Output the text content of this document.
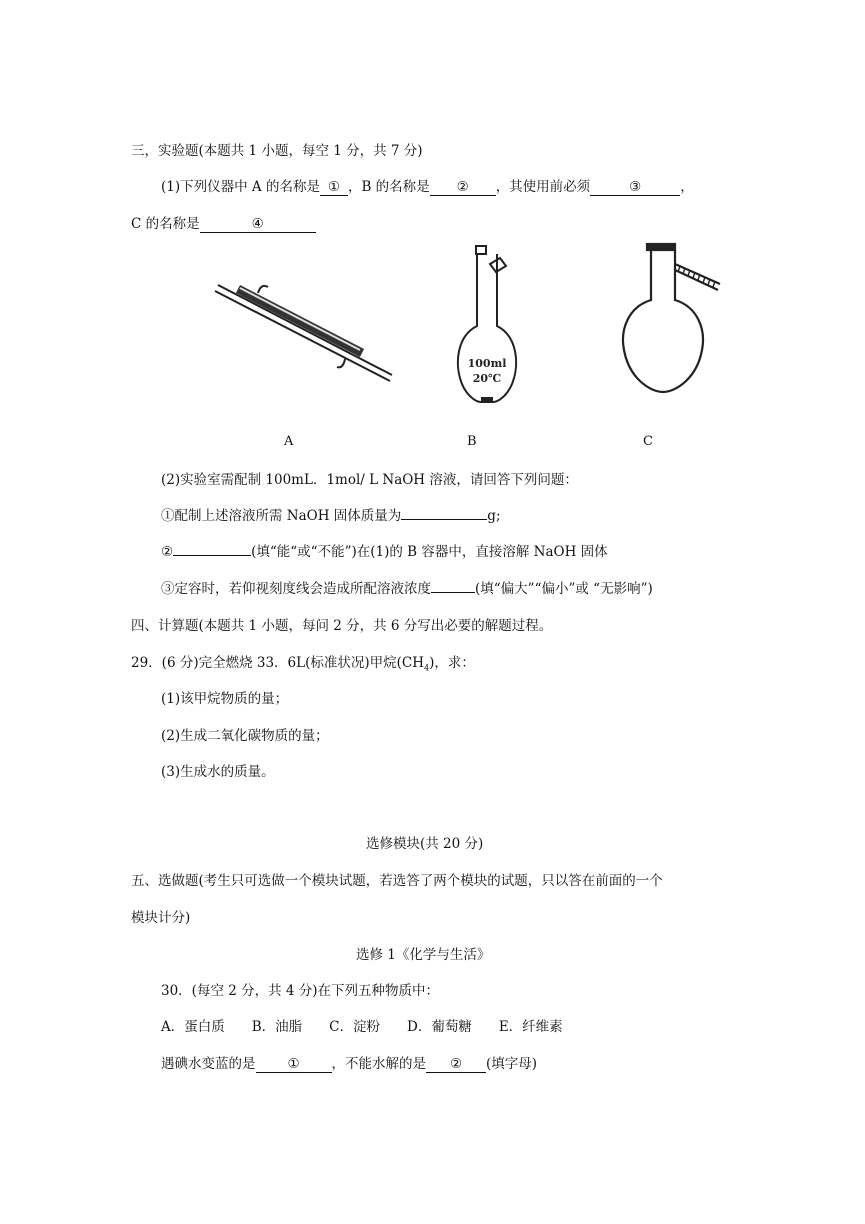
三，实验题(本题共 1 小题，每空 1 分，共 7 分)
(1)下列仪器中 A 的名称是 ① ，B 的名称是 ② ，其使用前必须	③	，
C 的名称是	④
A
100ml
20℃
B	C
(2)实验室需配制 100mL．1mol/ L NaOH 溶液，请回答下列问题：
①配制上述溶液所需 NaOH 固体质量为	g;
②	(填“能“或“不能”)在(1)的 B 容器中，直接溶解 NaOH 固体
③定容时，若仰视刻度线会造成所配溶液浓度	(填“偏大”“偏小”或 “无影响”)
四、计算题(本题共 1 小题，每问 2 分，共 6 分写出必要的解题过程。
29．(6 分)完全燃烧 33．6L(标准状况)甲烷$(CH_4)$，求：
(1)该甲烷物质的量；
(2)生成二氧化碳物质的量；
(3)生成水的质量。
选修模块(共 20 分)
五、选做题(考生只可选做一个模块试题，若选答了两个模块的试题，只以答在前面的一个
模块计分)
选修 1《化学与生活》
30．(每空 2 分，共 4 分)在下列五种物质中：
A．蛋白质　　B．油脂　　C．淀粉　　D．葡萄糖　　E．纤维素
遇碘水变蓝的是 ① ，不能水解的是 ② (填字母)
